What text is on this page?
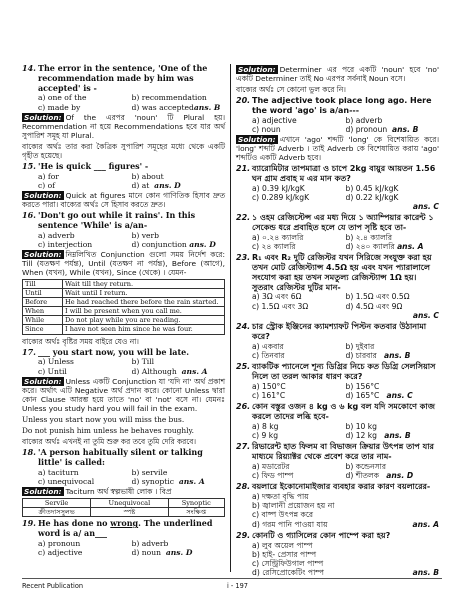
14. The error in the sentence, 'One of the recommendation made by him was accepted' is -
a) one of the	b) recommendation
c) made by	d) was acceptedans. B
Solution: Of the এরপর 'noun' টি Plural হয়। Recommendation না হয়ে Recommendations হবে যার অর্থ সুপারিশ সমূহ যা Plural.
বাক্যের অর্থঃ তার করা কৈত্রিক সুপারিশ সমূহের মধ্যে থেকে একটি গৃহীত হয়েছে।
15. 'He is quick ___ figures' -
a) for	b) about
c) of	d) at ans. D
Solution: Quick at figures মানে কোন গাণিতিক হিসাব দ্রুত করতে পারা। বাক্যের অর্থঃ সে হিসাব করতে দ্রুত।
16. 'Don't go out while it rains'. In this sentence 'While' is a/an-
a) adverb	b) verb
c) interjection	d) conjunction ans. D
Solution: নিম্নলিখিত Conjunction গুলো সময় নির্দেশ করে: Till (যতক্ষণ পর্যন্ত), Until (যতক্ষণ না পর্যন্ত), Before (আগে), When (যখন), While (যখন), Since (থেকে) । যেমন-
Till	Wait till they return.
Until	Wait until I return.
Before	He had reached there before the rain started.
When	I will be present when you call me.
While	Do not play while you are reading.
Since	I have not seen him since he was four.
বাক্যের অর্থঃ বৃষ্টির সময় বাইরে যেও না।
17. ___ you start now, you will be late.
a) Unless	b) Till
c) Until	d) Although ans. A
Solution: Unless একটি Conjunction যা 'যদি না' অর্থ প্রকাশ করে। অর্থাৎ এটি Negative অর্থ প্রদান করে। কোনো Unless দ্বারা কোন Clause আরম্ভ হয়ে তাতে 'no' বা 'not' বসে না। যেমনঃ Unless you study hard you will fail in the exam.
Unless you start now you will miss the bus.
Do not punish him unless he behaves roughly.
বাক্যের অর্থঃ এখনই না তুমি শুরু কর তবে তুমি দেরি করবে।
18. 'A person habitually silent or talking little' is called:
a) taciturn	b) servile
c) unequivocal	d) synoptic ans. A
Solution: Taciturn অর্থ স্বল্পভাষী লোক । বিপ্র
Servile	Unequivocal	Synoptic
ক্রীতদাসসুলভ	স্পষ্ট	সংক্ষিপ্ত
19. He has done no wrong. The underlined word is a/ an___
a) pronoun	b) adverb
c) adjective	d) noun ans. D
Solution: Determiner এর পরে একটি 'noun' হবে 'no' একটি Determiner তাই No এরপর সর্বনাই Noun বসে।
বাক্যের অর্থঃ সে কোনো ভুল করে নি।
20. The adjective took place long ago. Here the word 'ago' is a/an---
a) adjective	b) adverb
c) noun	d) pronoun ans. B
Solution: এখানে 'ago' শব্দটি 'long' কে বিশেষায়িত করে। 'long' শব্দটি Adverb । তাই Adverb কে বিশেষায়িত করায় 'ago' শব্দটিও একটি Adverb হবে।
21. ব্যারোমিটার তাপমাত্রা ও চাপে 2kg বায়ুর আয়তন 1.56 ঘন গ্রাম প্রবাহ ম এর মান কত?
a) 0.39 kJ/kgK	b) 0.45 kJ/kgK
c) 0.289 kJ/kgK	d) 0.22 kJ/kgK
ans. C
22. ১ ওহম রেজিস্টেন্স এর মধ্য দিয়ে ১ অ্যাম্পিয়ার কারেন্ট ১ সেকেন্ড ধরে প্রবাহিত হলে যে তাপ সৃষ্টি হবে তা-
a) ০.২৪ ক্যালরি	b) ২.৪ ক্যালরি
c) ২৪ ক্যালরি	d) ২৪০ ক্যালরি ans. A
23. R₁ এবং R₂ দুটি রেজিস্টর যখন সিরিজে সংযুক্ত করা হয় তখন মোট রেজিস্ট্যান্স 4.5Ω হয় এবং যখন প্যারালালে সংযোগ করা হয় তখন সমতুল্য রেজিস্ট্যান্স 1Ω হয়। সুতরাং রেজিস্টর দুটির মান-
a) 3Ω এবং 6Ω	b) 1.5Ω এবং 0.5Ω
c) 1.5Ω এবং 3Ω	d) 4.5Ω এবং 9Ω
ans. C
24. চার স্ট্রোক ইঞ্জিনের ক্যামশ্যাফট পিস্টন কতবার উঠানামা করে?
a) একবার	b) দুইবার
c) তিনবার	d) চারবার ans. B
25. ব্যাকটিক প্যানেলে শূন্য ডিগ্রির নিচে কত ডিগ্রি সেলসিয়াস নিলে তা তরল আকার ধারণ করে?
a) 150°C	b) 156°C
c) 161°C	d) 165°C ans. C
26. কোন বস্তুর ওজন ৪ kg ও ৬ kg বল যদি সমকোণে কাজ করলে তাদের লব্ধি হবে-
a) 8 kg	b) 10 kg
c) 9 kg	d) 12 kg ans. B
27. রিভারেন্ট হাত ফিলম বা বিভাজন ক্রিয়ার উৎপন্ন তাপ যার মাধ্যমে রিয়্যাক্টর থেকে প্রবেশ করে তার নাম-
a) মডারেটর	b) কন্ডেনসার
c) ফিড পাম্প	d) শীতলক ans. D
28. বয়লারে ইকোনোমাইজার ব্যবহার করার কারণ বয়লারের-
a) দক্ষতা বৃদ্ধি পায়
b) জ্বালানী প্রয়োজন হয় না
c) বাষ্প উৎপন্ন করে
d) গরম পানি পাওয়া যায়	ans. A
29. কোনটি ও গ্যাসিলের কোন পাম্পে করা হয়?
a) লুব অয়েল পাম্প
b) হাই- প্রেসার পাম্প
c) সেন্ট্রিফিউগাল পাম্প
d) রেসিপ্রোকেটিং পাম্প	ans. B
Recent Publication	i - 197
